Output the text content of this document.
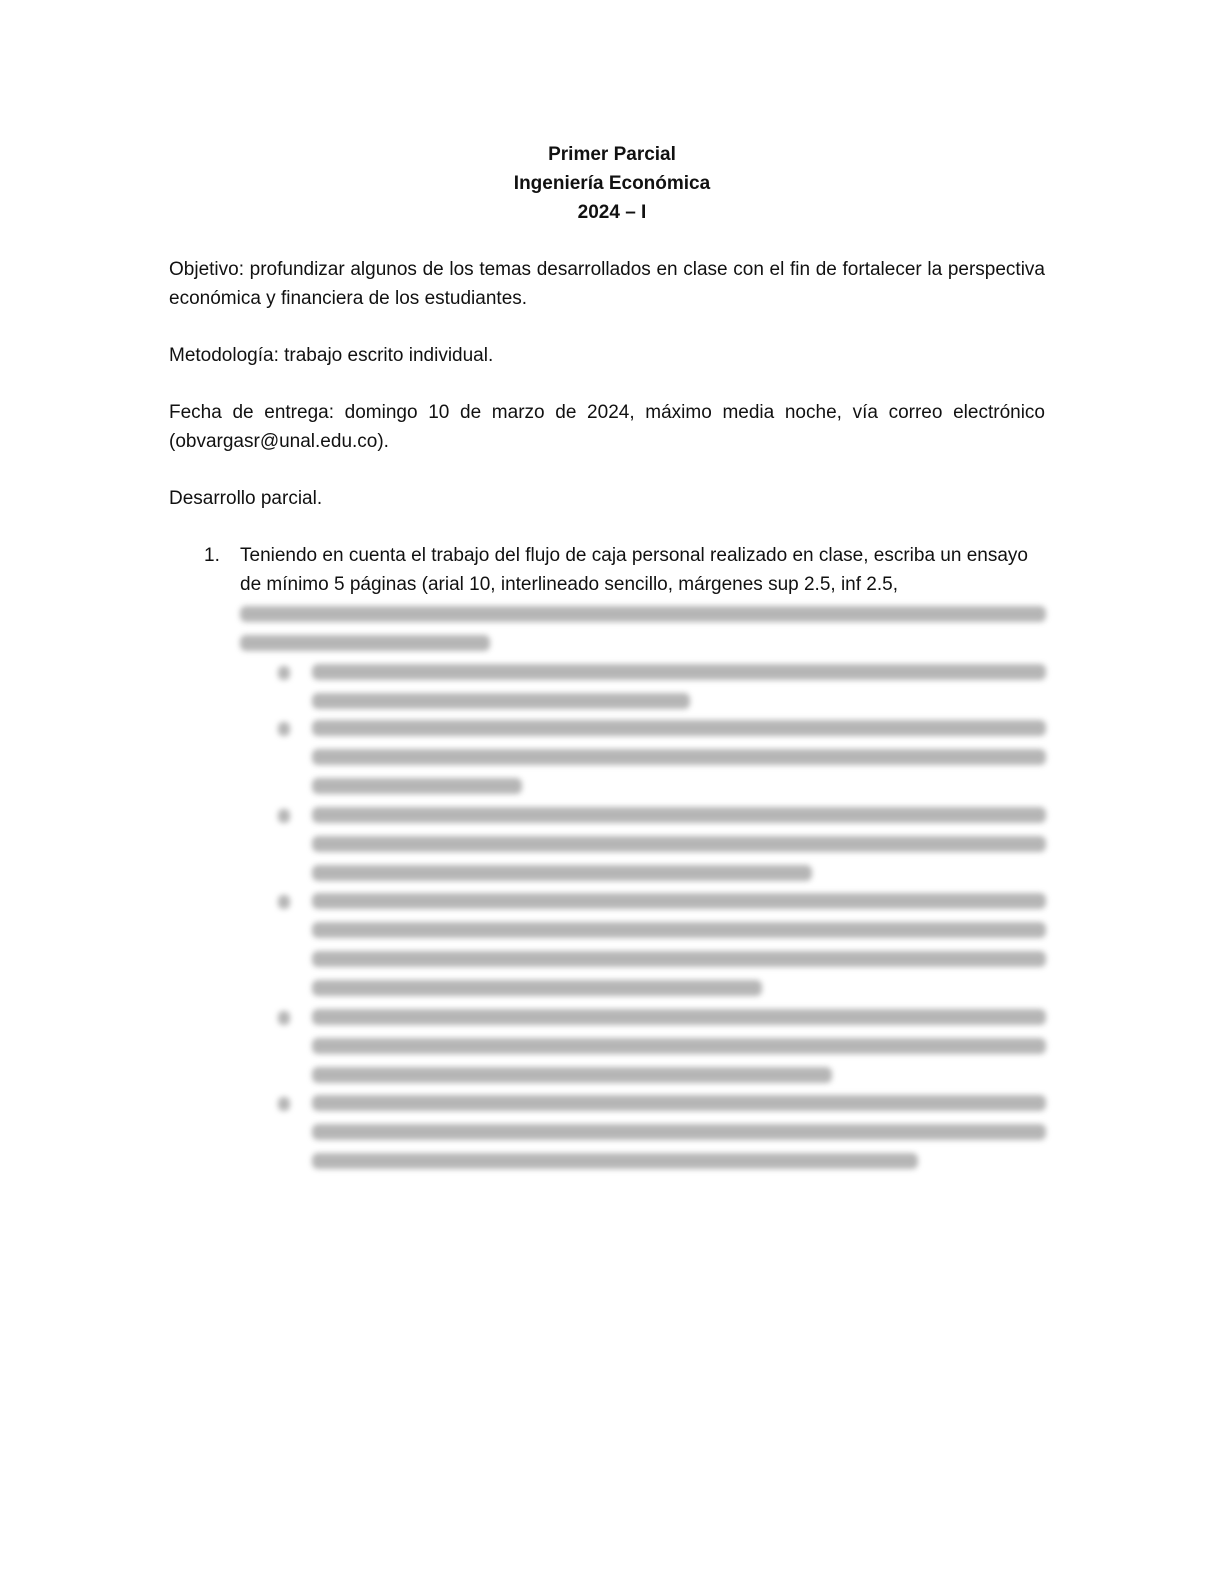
Primer Parcial
Ingeniería Económica
2024 – I

Objetivo: profundizar algunos de los temas desarrollados en clase con el fin de fortalecer la perspectiva económica y financiera de los estudiantes.

Metodología: trabajo escrito individual.

Fecha de entrega: domingo 10 de marzo de 2024, máximo media noche, vía correo electrónico (obvargasr@unal.edu.co).

Desarrollo parcial.

1. Teniendo en cuenta el trabajo del flujo de caja personal realizado en clase, escriba un ensayo de mínimo 5 páginas (arial 10, interlineado sencillo, márgenes sup 2.5, inf 2.5,
